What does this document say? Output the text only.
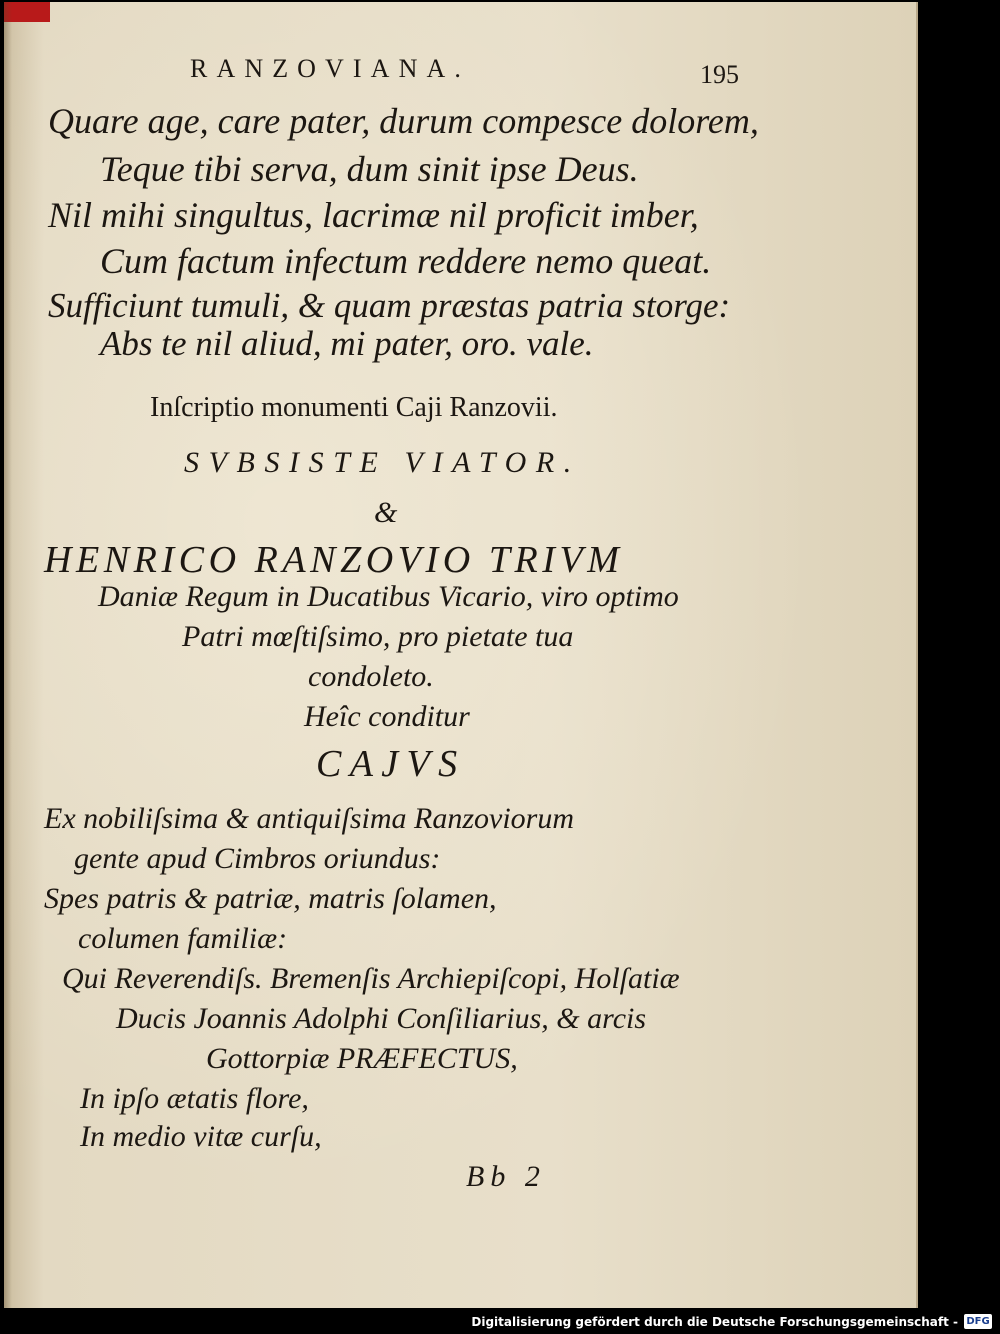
RANZOVIANA.	195
Quare age, care pater, durum compesce dolorem,
Teque tibi serva, dum sinit ipse Deus.
Nil mihi singultus, lacrimæ nil proficit imber,
Cum factum infectum reddere nemo queat.
Sufficiunt tumuli, & quam præstas patria storge:
Abs te nil aliud, mi pater, oro. vale.
Inſcriptio monumenti Caji Ranzovii.
SVBSISTE VIATOR.
&
HENRICO RANZOVIO TRIVM
Daniæ Regum in Ducatibus Vicario, viro optimo
Patri mœſtiſsimo, pro pietate tua
condoleto.
Heîc conditur
CAJVS
Ex nobiliſsima & antiquiſsima Ranzoviorum
gente apud Cimbros oriundus:
Spes patris & patriæ, matris ſolamen,
columen familiæ:
Qui Reverendiſs. Bremenſis Archiepiſcopi, Holſatiæ
Ducis Joannis Adolphi Conſiliarius, & arcis
Gottorpiæ PRÆFECTUS,
In ipſo ætatis flore,
In medio vitæ curſu,
Bb 2
Digitalisierung gefördert durch die Deutsche Forschungsgemeinschaft - DFG
